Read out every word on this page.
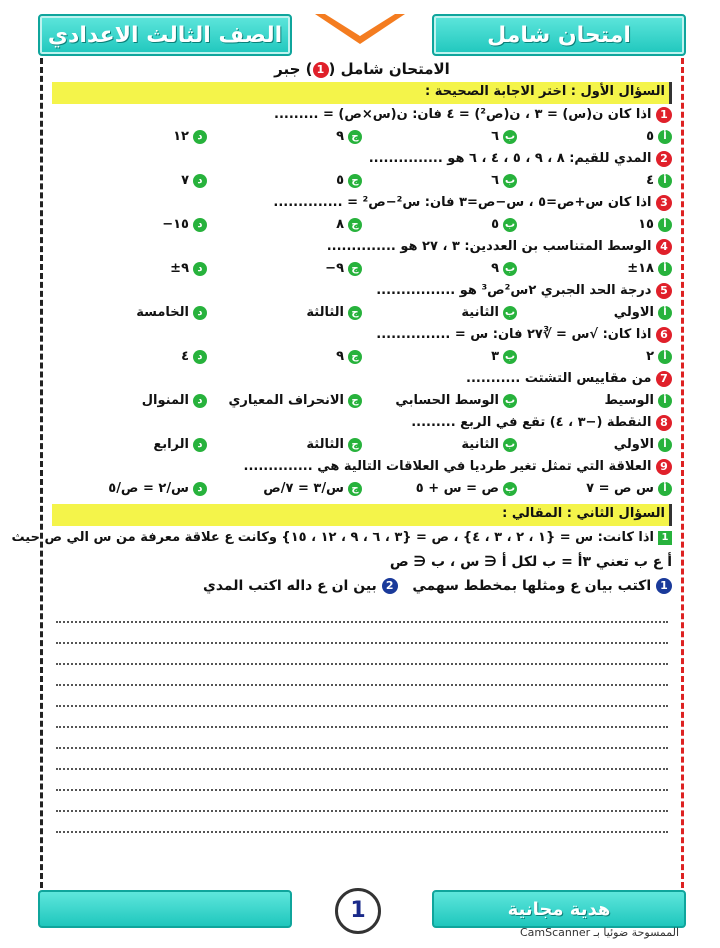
الصف الثالث الاعدادي	امتحان شامل
الامتحان شامل (1) جبر
السؤال الأول : اختر الاجابة الصحيحة :
1 اذا كان ن(س) = ٣ ، ن(ص²) = ٤ فان: ن(س×ص) = .........
أ٥
ب٦
ج٩
د١٢
2 المدي للقيم: ٨ ، ٩ ، ٥ ، ٤ ، ٦ هو ...............
أ٤
ب٦
ج٥
د٧
3 اذا كان س+ص=٥ ، س−ص=٣ فان: س²−ص² = ..............
أ١٥
ب٥
ج٨
د١٥−
4 الوسط المتناسب بن العددين: ٣ ، ٢٧ هو ..............
أ١٨±
ب٩
ج٩−
د٩±
5 درجة الحد الجبري ٢س²ص³ هو ................
أالاولي
بالثانية
جالثالثة
دالخامسة
6 اذا كان: √س = ∛٢٧ فان: س = ...............
أ٢
ب٣
ج٩
د٤
7 من مقاييس التشتت ...........
أالوسيط
بالوسط الحسابي
جالانحراف المعياري
دالمنوال
8 النقطة (−٣ ، ٤) تقع في الربع .........
أالاولي
بالثانية
جالثالثة
دالرابع
9 العلاقة التي تمثل تغير طرديا في العلاقات التالية هي ..............
أس ص = ٧
بص = س + ٥
جس/٣ = ٧/ص
دس/٢ = ص/٥
السؤال الثاني : المقالي :
1اذا كانت: س = {١ ، ٢ ، ٣ ، ٤} ، ص = {٣ ، ٦ ، ٩ ، ١٢ ، ١٥} وكانت ع علاقة معرفة من س الي ص حيث
أ ع ب تعني ٣أ = ب لكل أ ∈ س ، ب ∈ ص
1 اكتب بيان ع ومثلها بمخطط سهمي   2 بين ان ع داله اكتب المدي
هدية مجانية
1
الممسوحة ضوئيا بـ CamScanner
